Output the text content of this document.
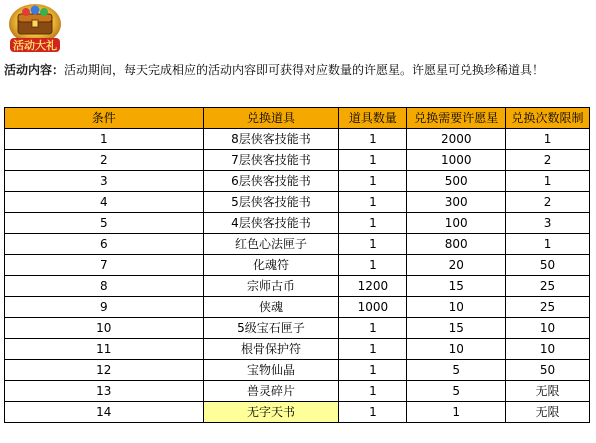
活动大礼
活动内容：活动期间，每天完成相应的活动内容即可获得对应数量的许愿星。许愿星可兑换珍稀道具！
条件	兑换道具	道具数量	兑换需要许愿星	兑换次数限制
1	8层侠客技能书	1	2000	1
2	7层侠客技能书	1	1000	2
3	6层侠客技能书	1	500	1
4	5层侠客技能书	1	300	2
5	4层侠客技能书	1	100	3
6	红色心法匣子	1	800	1
7	化魂符	1	20	50
8	宗师古币	1200	15	25
9	侠魂	1000	10	25
10	5级宝石匣子	1	15	10
11	根骨保护符	1	10	10
12	宝物仙晶	1	5	50
13	兽灵碎片	1	5	无限
14	无字天书	1	1	无限
